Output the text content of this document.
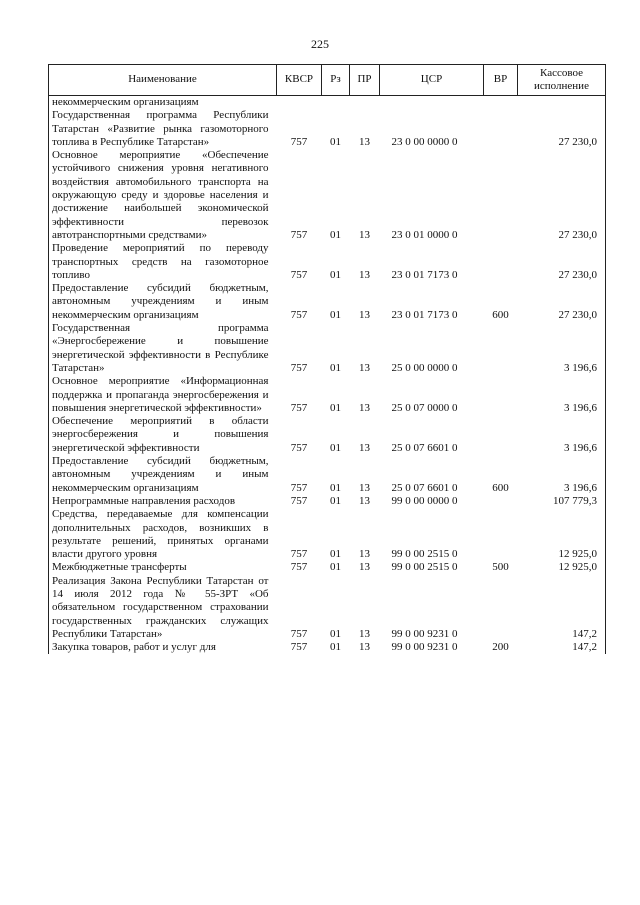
225
Наименование	КВСР	Рз	ПР	ЦСР	ВР	Кассовое исполнение
некоммерческим организациям						
Государственная программа Республики Татарстан «Развитие рынка газомоторного топлива в Республике Татарстан»	757	01	13	23 0 00 0000 0		27 230,0
Основное мероприятие «Обеспечение устойчивого снижения уровня негативного воздействия автомобильного транспорта на окружающую среду и здоровье населения и достижение наибольшей экономической эффективности перевозок автотранспортными средствами»	757	01	13	23 0 01 0000 0		27 230,0
Проведение мероприятий по переводу транспортных средств на газомоторное топливо	757	01	13	23 0 01 7173 0		27 230,0
Предоставление субсидий бюджетным, автономным учреждениям и иным некоммерческим организациям	757	01	13	23 0 01 7173 0	600	27 230,0
Государственная программа «Энергосбережение и повышение энергетической эффективности в Республике Татарстан»	757	01	13	25 0 00 0000 0		3 196,6
Основное мероприятие «Информационная поддержка и пропаганда энергосбережения и повышения энергетической эффективности»	757	01	13	25 0 07 0000 0		3 196,6
Обеспечение мероприятий в области энергосбережения и повышения энергетической эффективности	757	01	13	25 0 07 6601 0		3 196,6
Предоставление субсидий бюджетным, автономным учреждениям и иным некоммерческим организациям	757	01	13	25 0 07 6601 0	600	3 196,6
Непрограммные направления расходов	757	01	13	99 0 00 0000 0		107 779,3
Средства, передаваемые для компенсации дополнительных расходов, возникших в результате решений, принятых органами власти другого уровня	757	01	13	99 0 00 2515 0		12 925,0
Межбюджетные трансферты	757	01	13	99 0 00 2515 0	500	12 925,0
Реализация Закона Республики Татарстан от 14 июля 2012 года № 55-ЗРТ «Об обязательном государственном страховании государственных гражданских служащих Республики Татарстан»	757	01	13	99 0 00 9231 0		147,2
Закупка товаров, работ и услуг для	757	01	13	99 0 00 9231 0	200	147,2
